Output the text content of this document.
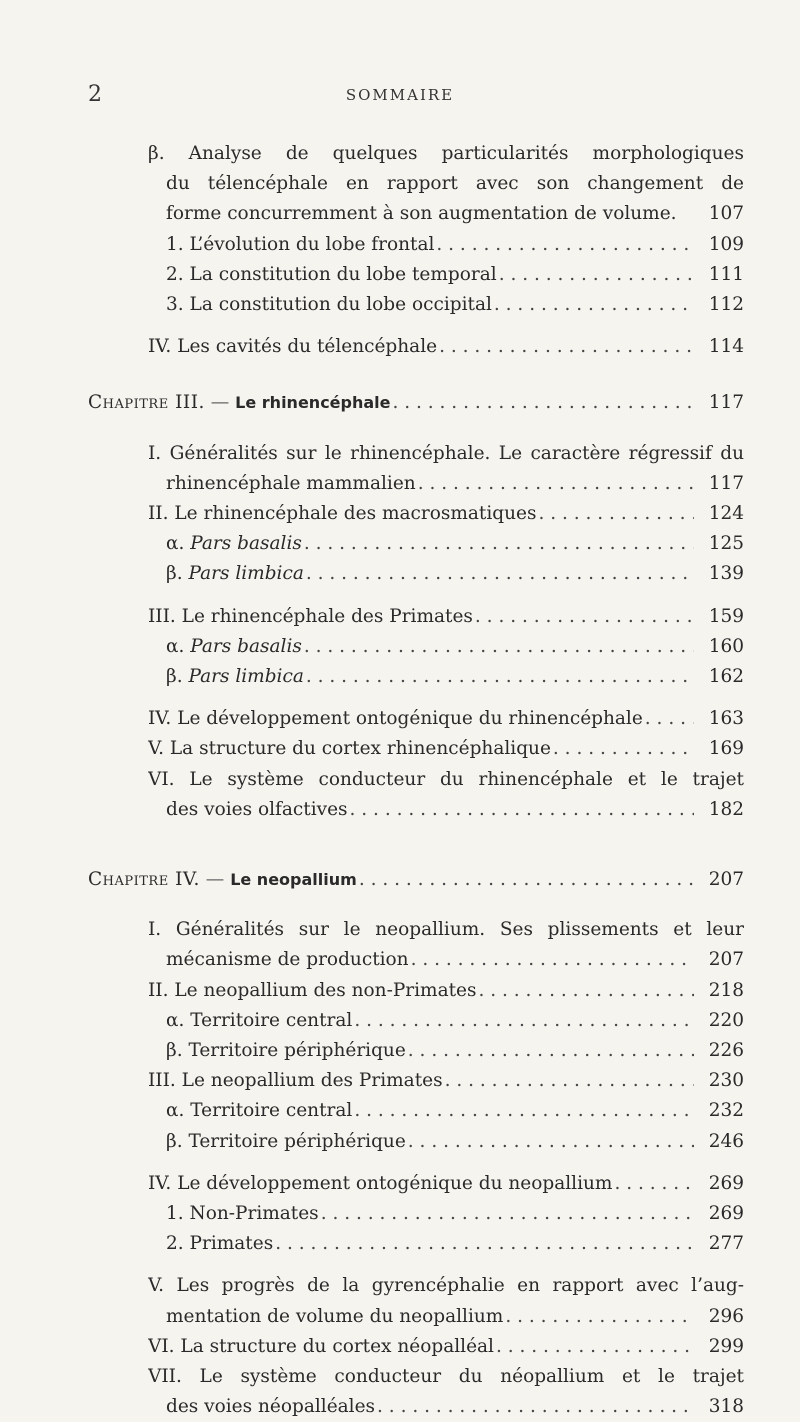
2	SOMMAIRE
β. Analyse de quelques particularités morphologiques
du télencéphale en rapport avec son changement de
forme concurremment à son augmentation de volume.	107
1. L’évolution du lobe frontal . . .	109
2. La constitution du lobe temporal . . .	111
3. La constitution du lobe occipital . . .	112
IV. Les cavités du télencéphale . . .	114
Chapitre III. — Le rhinencéphale . . .	117
I. Généralités sur le rhinencéphale. Le caractère régressif du
rhinencéphale mammalien . . .	117
II. Le rhinencéphale des macrosmatiques . . .	124
α. Pars basalis . . .	125
β. Pars limbica . . .	139
III. Le rhinencéphale des Primates . . .	159
α. Pars basalis . . .	160
β. Pars limbica . . .	162
IV. Le développement ontogénique du rhinencéphale . . .	163
V. La structure du cortex rhinencéphalique . . .	169
VI. Le système conducteur du rhinencéphale et le trajet
des voies olfactives . . .	182
Chapitre IV. — Le neopallium . . .	207
I. Généralités sur le neopallium. Ses plissements et leur
mécanisme de production . . .	207
II. Le neopallium des non-Primates . . .	218
α. Territoire central . . .	220
β. Territoire périphérique . . .	226
III. Le neopallium des Primates . . .	230
α. Territoire central . . .	232
β. Territoire périphérique . . .	246
IV. Le développement ontogénique du neopallium . . .	269
1. Non-Primates . . .	269
2. Primates . . .	277
V. Les progrès de la gyrencéphalie en rapport avec l’aug-
mentation de volume du neopallium . . .	296
VI. La structure du cortex néopalléal . . .	299
VII. Le système conducteur du néopallium et le trajet
des voies néopalléales . . .	318
